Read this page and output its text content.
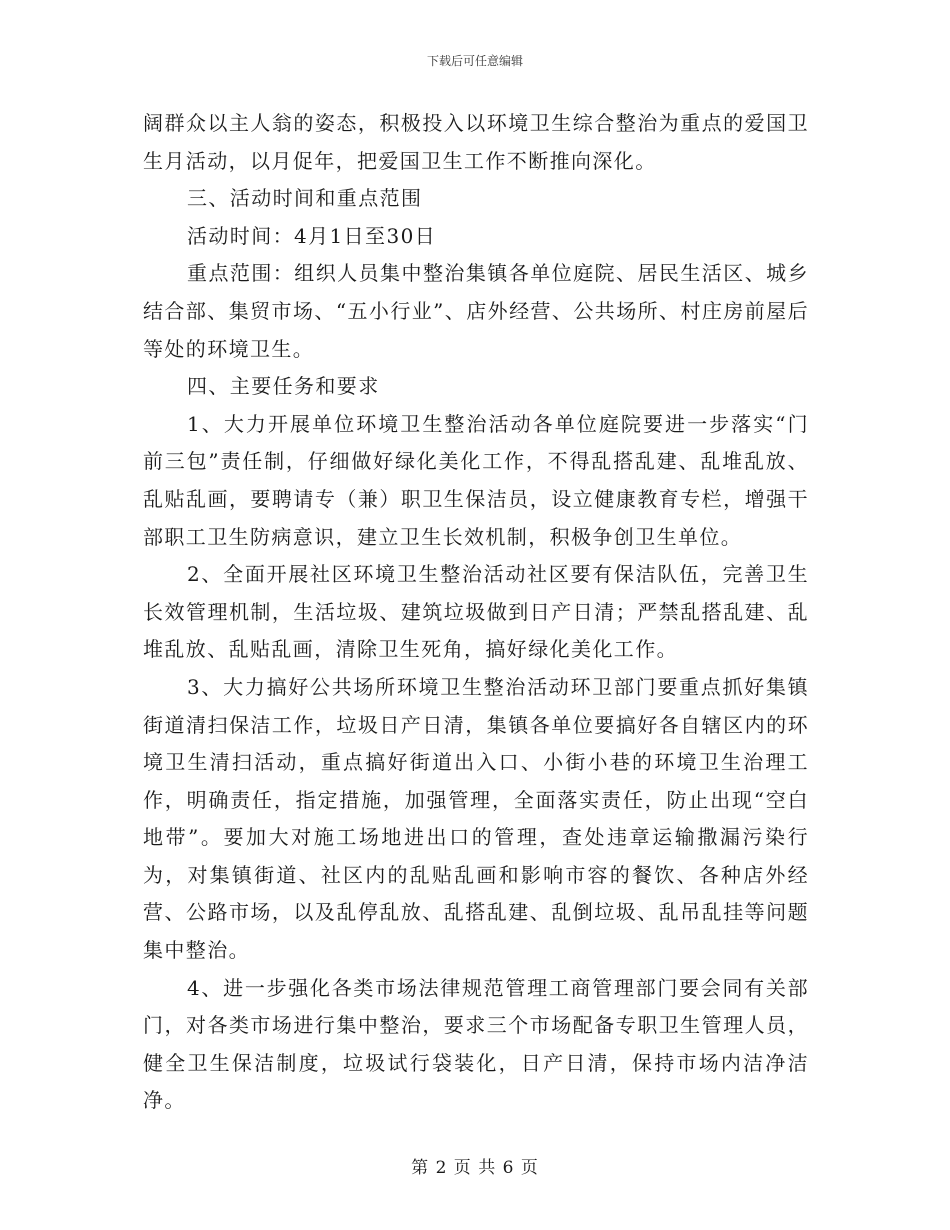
下载后可任意编辑

阔群众以主人翁的姿态，积极投入以环境卫生综合整治为重点的爱国卫生月活动，以月促年，把爱国卫生工作不断推向深化。

三、活动时间和重点范围

活动时间：4月1日至30日

重点范围：组织人员集中整治集镇各单位庭院、居民生活区、城乡结合部、集贸市场、“五小行业”、店外经营、公共场所、村庄房前屋后等处的环境卫生。

四、主要任务和要求

1、大力开展单位环境卫生整治活动各单位庭院要进一步落实“门前三包”责任制，仔细做好绿化美化工作，不得乱搭乱建、乱堆乱放、乱贴乱画，要聘请专（兼）职卫生保洁员，设立健康教育专栏，增强干部职工卫生防病意识，建立卫生长效机制，积极争创卫生单位。

2、全面开展社区环境卫生整治活动社区要有保洁队伍，完善卫生长效管理机制，生活垃圾、建筑垃圾做到日产日清；严禁乱搭乱建、乱堆乱放、乱贴乱画，清除卫生死角，搞好绿化美化工作。

3、大力搞好公共场所环境卫生整治活动环卫部门要重点抓好集镇街道清扫保洁工作，垃圾日产日清，集镇各单位要搞好各自辖区内的环境卫生清扫活动，重点搞好街道出入口、小街小巷的环境卫生治理工作，明确责任，指定措施，加强管理，全面落实责任，防止出现“空白地带”。要加大对施工场地进出口的管理，查处违章运输撒漏污染行为，对集镇街道、社区内的乱贴乱画和影响市容的餐饮、各种店外经营、公路市场，以及乱停乱放、乱搭乱建、乱倒垃圾、乱吊乱挂等问题集中整治。

4、进一步强化各类市场法律规范管理工商管理部门要会同有关部门，对各类市场进行集中整治，要求三个市场配备专职卫生管理人员，健全卫生保洁制度，垃圾试行袋装化，日产日清，保持市场内洁净洁净。

第 2 页 共 6 页
